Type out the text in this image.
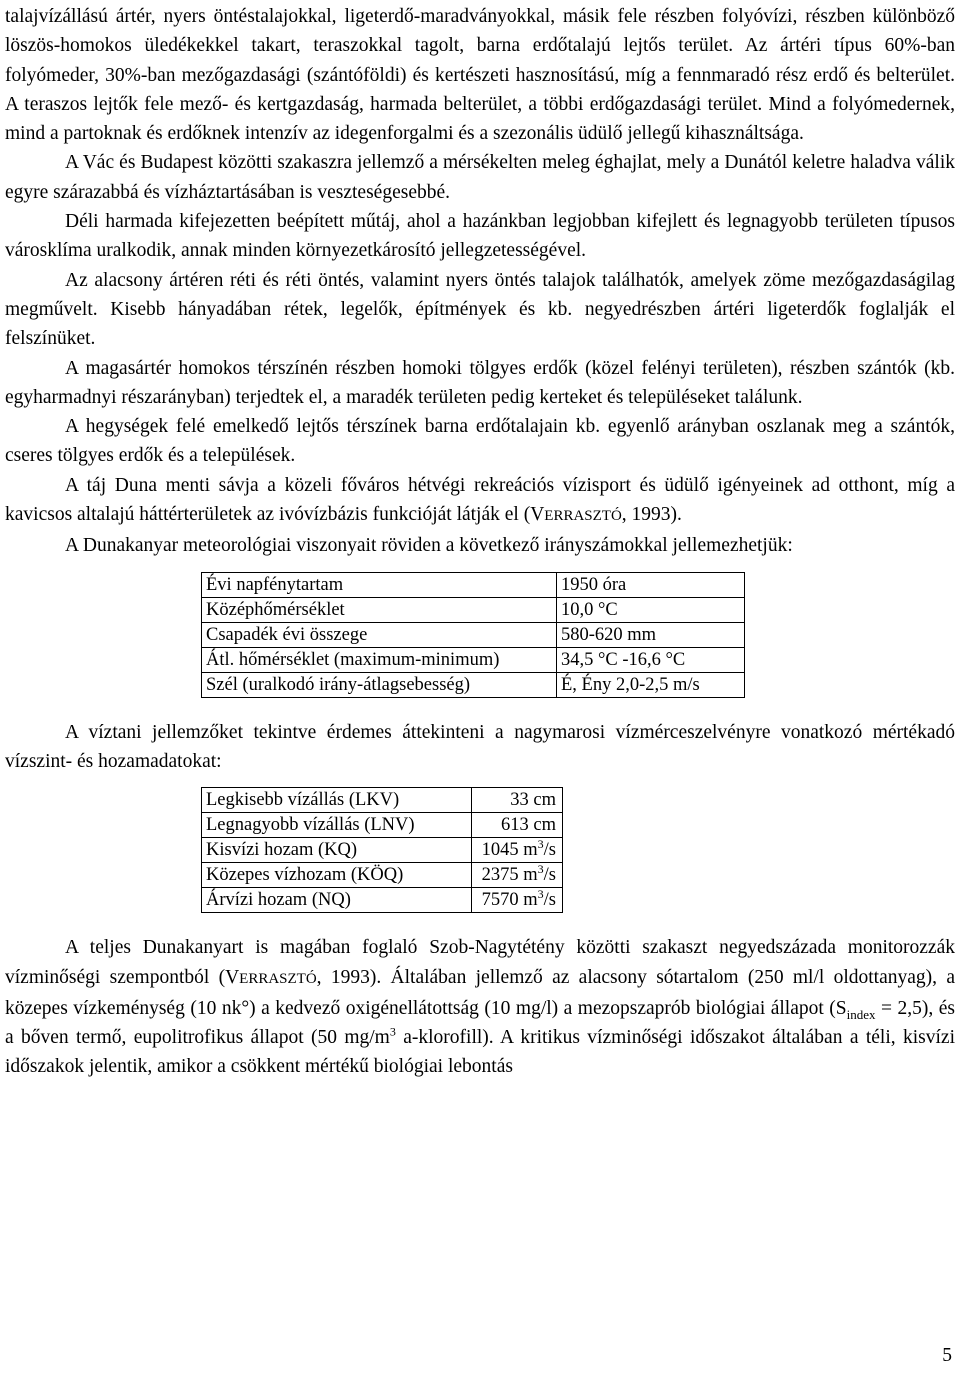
talajvízállású ártér, nyers öntéstalajokkal, ligeterdő-maradványokkal, másik fele részben folyóvízi, részben különböző löszös-homokos üledékekkel takart, teraszokkal tagolt, barna erdőtalajú lejtős terület. Az ártéri típus 60%-ban folyómeder, 30%-ban mezőgazdasági (szántóföldi) és kertészeti hasznosítású, míg a fennmaradó rész erdő és belterület. A teraszos lejtők fele mező- és kertgazdaság, harmada belterület, a többi erdőgazdasági terület. Mind a folyómedernek, mind a partoknak és erdőknek intenzív az idegenforgalmi és a szezonális üdülő jellegű kihasználtsága.

A Vác és Budapest közötti szakaszra jellemző a mérsékelten meleg éghajlat, mely a Dunától keletre haladva válik egyre szárazabbá és vízháztartásában is veszteségesebbé.

Déli harmada kifejezetten beépített műtáj, ahol a hazánkban legjobban kifejlett és legnagyobb területen típusos városklíma uralkodik, annak minden környezetkárosító jellegzetességével.

Az alacsony ártéren réti és réti öntés, valamint nyers öntés talajok találhatók, amelyek zöme mezőgazdaságilag megművelt. Kisebb hányadában rétek, legelők, építmények és kb. negyedrészben ártéri ligeterdők foglalják el felszínüket.

A magasártér homokos térszínén részben homoki tölgyes erdők (közel felényi területen), részben szántók (kb. egyharmadnyi részarányban) terjedtek el, a maradék területen pedig kerteket és településeket találunk.

A hegységek felé emelkedő lejtős térszínek barna erdőtalajain kb. egyenlő arányban oszlanak meg a szántók, cseres tölgyes erdők és a települések.

A táj Duna menti sávja a közeli főváros hétvégi rekreációs vízisport és üdülő igényeinek ad otthont, míg a kavicsos altalajú háttérterületek az ivóvízbázis funkcióját látják el (VERRASZTÓ, 1993).

A Dunakanyar meteorológiai viszonyait röviden a következő irányszámokkal jellemezhetjük:

Évi napfénytartam	1950 óra
Középhőmérséklet	10,0 °C
Csapadék évi összege	580-620 mm
Átl. hőmérséklet (maximum-minimum)	34,5 °C -16,6 °C
Szél (uralkodó irány-átlagsebesség)	É, Ény 2,0-2,5 m/s

A víztani jellemzőket tekintve érdemes áttekinteni a nagymarosi vízmérceszelvényre vonatkozó mértékadó vízszint- és hozamadatokat:

Legkisebb vízállás (LKV)	33 cm
Legnagyobb vízállás (LNV)	613 cm
Kisvízi hozam (KQ)	1045 $m^3/s$
Közepes vízhozam (KÖQ)	2375 $m^3/s$
Árvízi hozam (NQ)	7570 $m^3/s$

A teljes Dunakanyart is magában foglaló Szob-Nagytétény közötti szakaszt negyedszázada monitorozzák vízminőségi szempontból (VERRASZTÓ, 1993). Általában jellemző az alacsony sótartalom (250 ml/l oldottanyag), a közepes vízkeménység (10 nk°) a kedvező oxigénellátottság (10 mg/l) a mezopszaprób biológiai állapot $(S_{index} = 2,5)$, és a bőven termő, eupolitrofikus állapot (50 $mg/m^3$ a-klorofill). A kritikus vízminőségi időszakot általában a téli, kisvízi időszakok jelentik, amikor a csökkent mértékű biológiai lebontás

5
